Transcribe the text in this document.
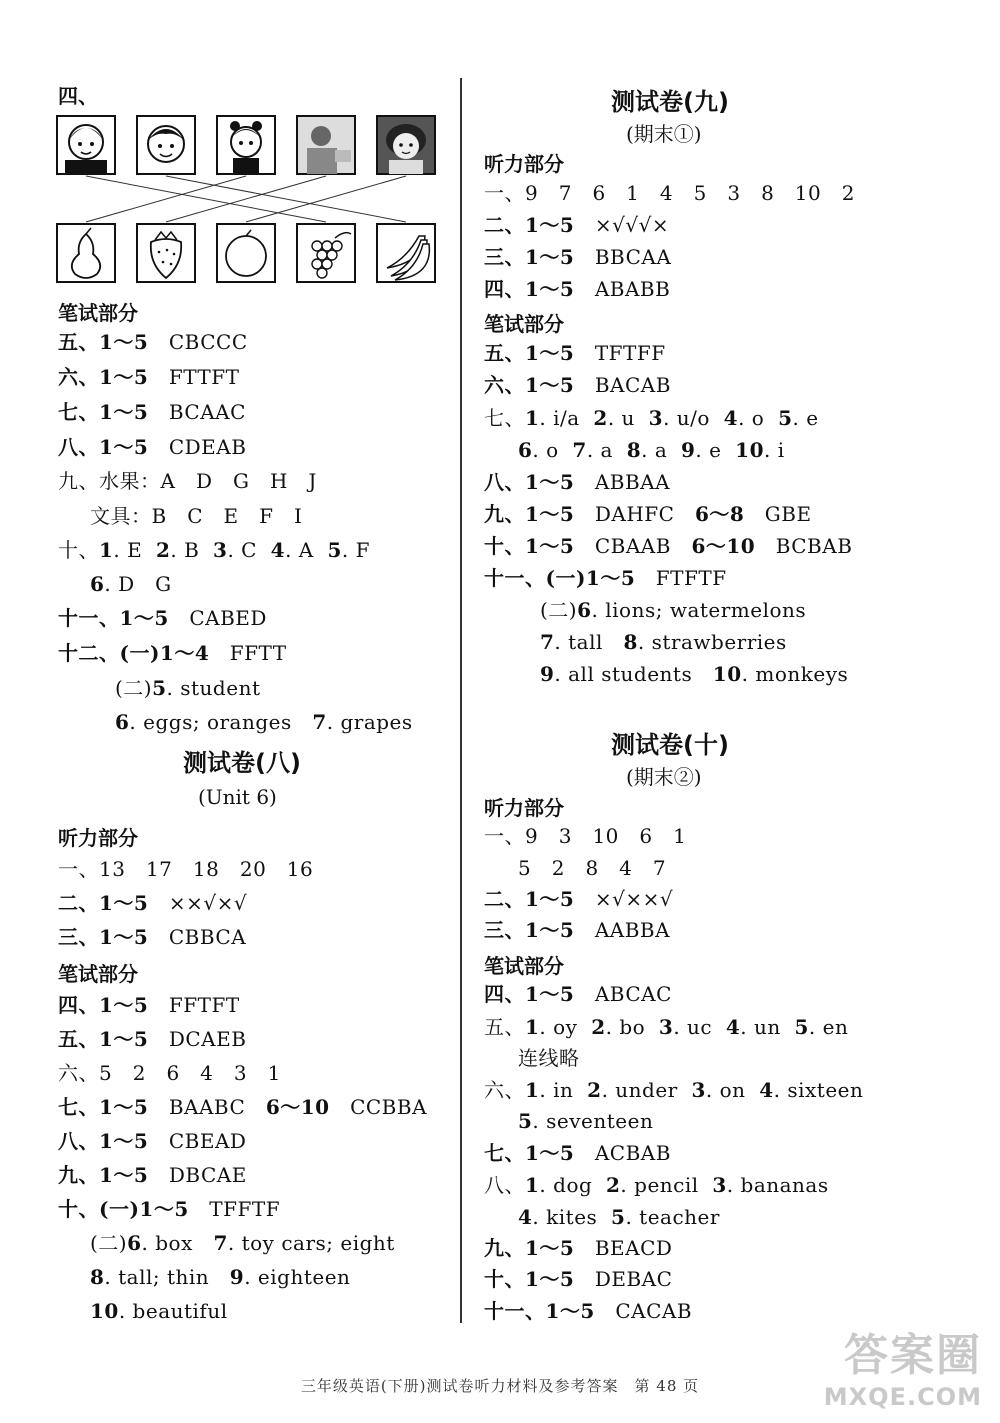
四、
笔试部分
五、1～5　 CBCCC
六、1～5　 FTTFT
七、1～5　 BCAAC
八、1～5　 CDEAB
九、水果：A　D　G　H　J
文具：B　C　E　F　I
十、1. E  2. B  3. C  4. A  5. F
6. D　G
十一、1～5　 CABED
十二、(一)1～4　 FFTT
(二)5. student
6. eggs; oranges   7. grapes
测试卷(八)
(Unit 6)
听力部分
一、13　17　18　20　16
二、1～5　 ××√×√
三、1～5　 CBBCA
笔试部分
四、1～5　 FFTFT
五、1～5　 DCAEB
六、5　2　6　4　3　1
七、1～5　 BAABC　 6～10　 CCBBA
八、1～5　 CBEAD
九、1～5　 DBCAE
十、(一)1～5　 TFFTF
(二)6. box   7. toy cars; eight
8. tall; thin   9. eighteen
10. beautiful
测试卷(九)
(期末①)
听力部分
一、9　7　6　1　4　5　3　8　10　2
二、1～5　 ×√√√×
三、1～5　 BBCAA
四、1～5　 ABABB
笔试部分
五、1～5　 TFTFF
六、1～5　 BACAB
七、1. i/a  2. u  3. u/o  4. o  5. e
6. o  7. a  8. a  9. e  10. i
八、1～5　 ABBAA
九、1～5　 DAHFC　 6～8　 GBE
十、1～5　 CBAAB　 6～10　 BCBAB
十一、(一)1～5　 FTFTF
(二)6. lions; watermelons
7. tall   8. strawberries
9. all students   10. monkeys
测试卷(十)
(期末②)
听力部分
一、9　3　10　6　1
5　2　8　4　7
二、1～5　 ×√××√
三、1～5　 AABBA
笔试部分
四、1～5　 ABCAC
五、1. oy  2. bo  3. uc  4. un  5. en
连线略
六、1. in  2. under  3. on  4. sixteen
5. seventeen
七、1～5　 ACBAB
八、1. dog  2. pencil  3. bananas
4. kites  5. teacher
九、1～5　 BEACD
十、1～5　 DEBAC
十一、1～5　 CACAB
三年级英语(下册)测试卷听力材料及参考答案　第 48 页
答案圈
MXQE.COM
